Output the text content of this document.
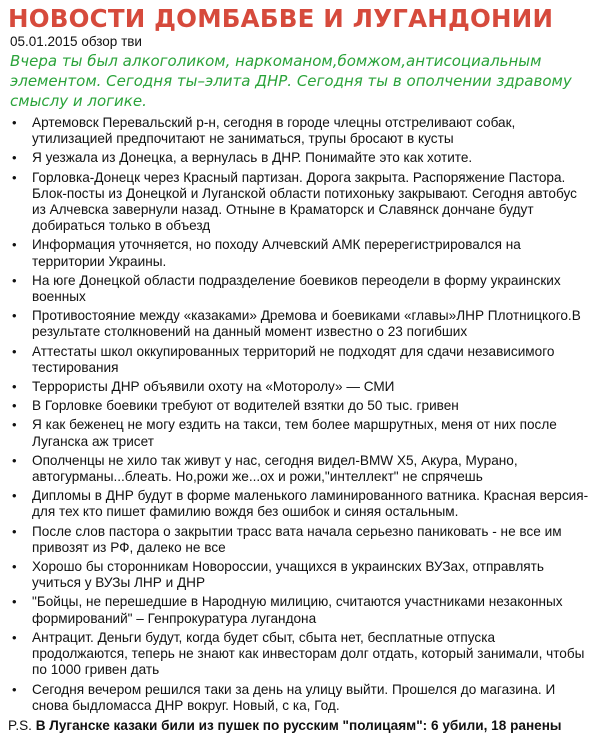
НОВОСТИ ДОМБАБВЕ И ЛУГАНДОНИИ
05.01.2015 обзор тви
Вчера ты был алкоголиком, наркоманом,бомжом,антисоциальным элементом. Сегодня ты–элита ДНР. Сегодня ты в ополчении здравому смыслу и логике.
• Артемовск Перевальский р-н, сегодня в городе члецны отстреливают собак, утилизацией предпочитают не заниматься, трупы бросают в кусты
• Я уезжала из Донецка, а вернулась в ДНР. Понимайте это как хотите.
• Горловка-Донецк через Красный партизан. Дорога закрыта. Распоряжение Пастора. Блок-посты из Донецкой и Луганской области потихоньку закрывают. Сегодня автобус из Алчевска завернули назад. Отныне в Краматорск и Славянск дончане будут добираться только в объезд
• Информация уточняется, но походу Алчевский АМК перерегистрировался на территории Украины.
• На юге Донецкой области подразделение боевиков переодели в форму украинских военных
• Противостояние между «казаками» Дремова и боевиками «главы»ЛНР Плотницкого.В результате столкновений на данный момент известно о 23 погибших
• Аттестаты школ оккупированных территорий не подходят для сдачи независимого тестирования
• Террористы ДНР объявили охоту на «Моторолу» — СМИ
• В Горловке боевики требуют от водителей взятки до 50 тыс. гривен
• Я как беженец не могу ездить на такси, тем более маршрутных, меня от них после Луганска аж трисет
• Ополченцы не хило так живут у нас, сегодня видел-BMW X5, Акура, Мурано, автогурманы...блеать. Но,рожи же...ох и рожи,"интеллект" не спрячешь
• Дипломы в ДНР будут в форме маленького ламинированного ватника. Красная версия-для тех кто пишет фамилию вождя без ошибок и синяя остальным.
• После слов пастора о закрытии трасс вата начала серьезно паниковать - не все им привозят из РФ, далеко не все
• Хорошо бы сторонникам Новороссии, учащихся в украинских ВУЗах, отправлять учиться у ВУЗы ЛНР и ДНР
• "Бойцы, не перешедшие в Народную милицию, считаются участниками незаконных формирований" – Генпрокуратура лугандона
• Антрацит. Деньги будут, когда будет сбыт, сбыта нет, бесплатные отпуска продолжаются, теперь не знают как инвесторам долг отдать, который занимали, чтобы по 1000 гривен дать
• Сегодня вечером решился таки за день на улицу выйти. Прошелся до магазина. И снова быдломасса ДНР вокруг. Новый, с ка, Год.
P.S. В Луганске казаки били из пушек по русским "полицаям": 6 убили, 18 ранены
